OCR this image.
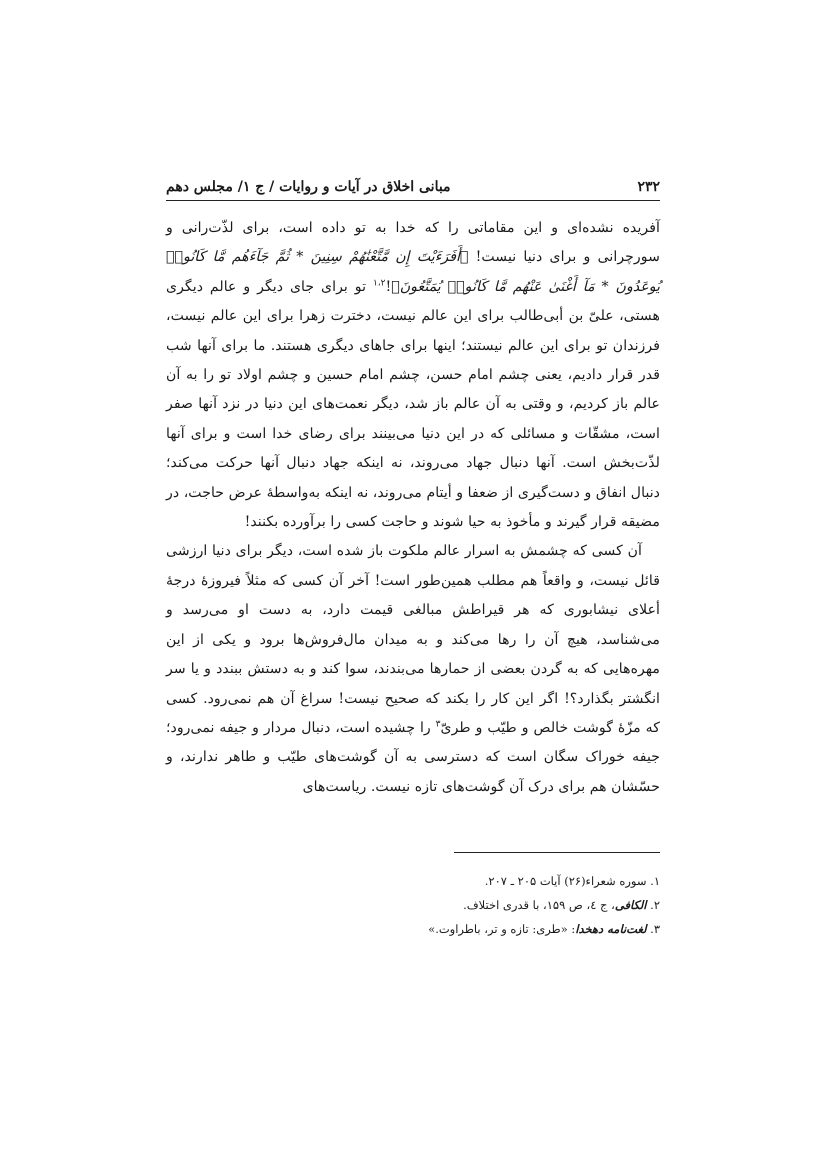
۲۳۲
مبانی اخلاق در آیات و روایات / ج ۱/ مجلس دهم

آفریده نشده‌ای و این مقاماتی را که خدا به تو داده است، برای لذّت‌رانی و سورچرانی و برای دنیا نیست! ﴿أَفَرَءَيْتَ إِن مَّتَّعْنَٰهُمْ سِنِينَ * ثُمَّ جَآءَهُم مَّا كَانُوا۟ يُوعَدُونَ * مَآ أَغْنَىٰ عَنْهُم مَّا كَانُوا۟ يُمَتَّعُونَ﴾!$^{۱،۲}$ تو برای جای دیگر و عالم دیگری هستی، علیّ بن أبی‌طالب برای این عالم نیست، دخترت زهرا برای این عالم نیست، فرزندان تو برای این عالم نیستند؛ اینها برای جاهای دیگری هستند. ما برای آنها شب قدر قرار دادیم، یعنی چشم امام حسن، چشم امام حسین و چشم اولاد تو را به آن عالم باز کردیم، و وقتی به آن عالم باز شد، دیگر نعمت‌های این دنیا در نزد آنها صفر است، مشقّات و مسائلی که در این دنیا می‌بینند برای رضای خدا است و برای آنها لذّت‌بخش است. آنها دنبال جهاد می‌روند، نه اینکه جهاد دنبال آنها حرکت می‌کند؛ دنبال انفاق و دست‌گیری از ضعفا و أیتام می‌روند، نه اینکه به‌واسطهٔ عرض حاجت، در مضیقه قرار گیرند و مأخوذ به حیا شوند و حاجت کسی را برآورده بکنند!

آن کسی که چشمش به اسرار عالم ملکوت باز شده است، دیگر برای دنیا ارزشی قائل نیست، و واقعاً هم مطلب همین‌طور است! آخر آن کسی که مثلاً فیروزهٔ درجهٔ أعلای نیشابوری که هر قیراطش مبالغی قیمت دارد، به دست او می‌رسد و می‌شناسد، هیچ آن را رها می‌کند و به میدان مال‌فروش‌ها برود و یکی از این مهره‌هایی که به گردن بعضی از حمارها می‌بندند، سوا کند و به دستش ببندد و یا سر انگشتر بگذارد؟! اگر این کار را بکند که صحیح نیست! سراغ آن هم نمی‌رود. کسی که مزّهٔ گوشت خالص و طیّب و طریّ$^۳$ را چشیده است، دنبال مردار و جیفه نمی‌رود؛ جیفه خوراک سگان است که دسترسی به آن گوشت‌های طیّب و طاهر ندارند، و حسّشان هم برای درک آن گوشت‌های تازه نیست. ریاست‌های

۱. سوره شعراء(۲۶) آیات ۲۰۵ ـ ۲۰۷.
۲. الکافی، ج ٤، ص ۱۵۹، با قدری اختلاف.
۳. لغت‌نامه دهخدا: «طری: تازه و تر، باطراوت.»
